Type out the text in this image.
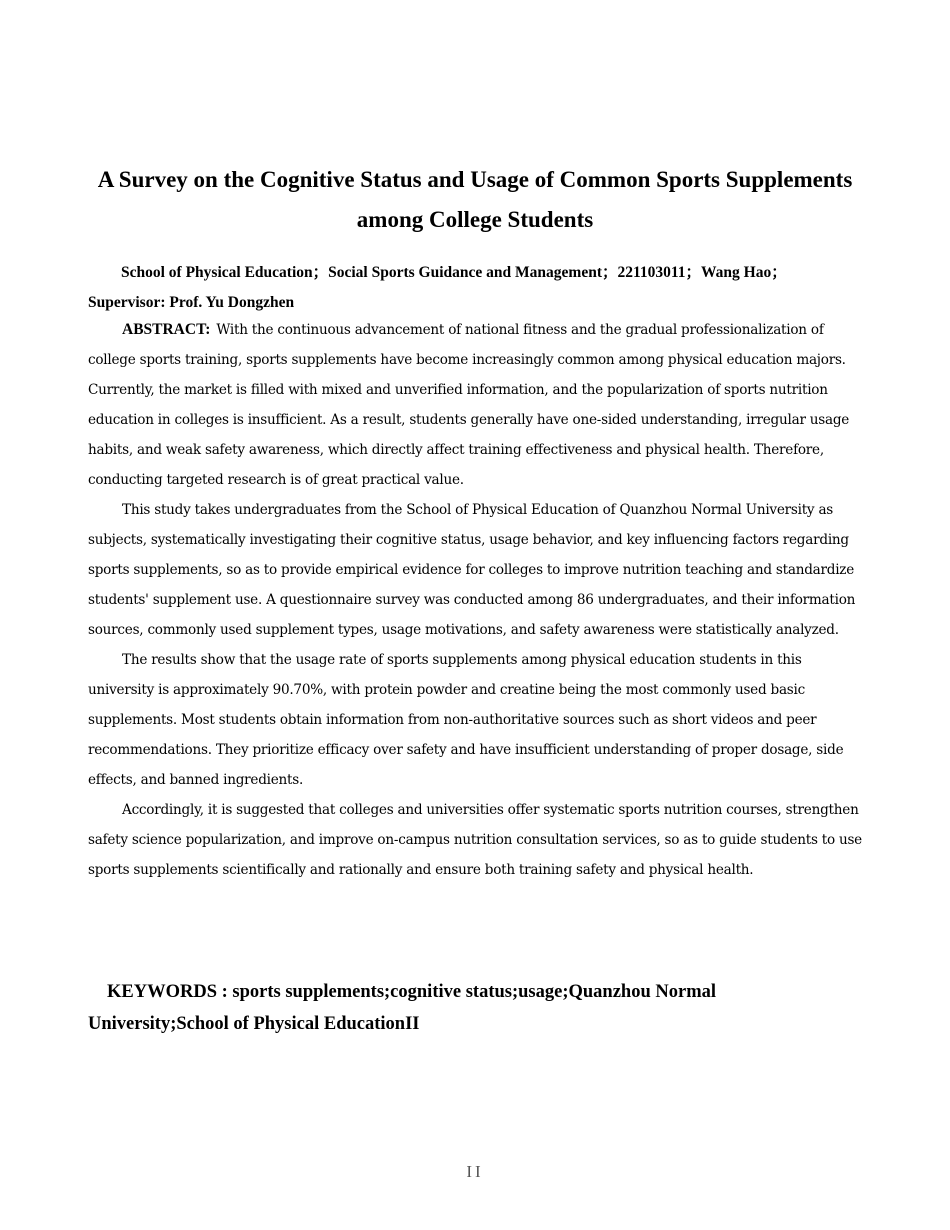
A Survey on the Cognitive Status and Usage of Common Sports Supplements
among College Students
School of Physical Education；Social Sports Guidance and Management；221103011；Wang Hao；
Supervisor: Prof. Yu Dongzhen

ABSTRACT: With the continuous advancement of national fitness and the gradual professionalization of college sports training, sports supplements have become increasingly common among physical education majors. Currently, the market is filled with mixed and unverified information, and the popularization of sports nutrition education in colleges is insufficient. As a result, students generally have one-sided understanding, irregular usage habits, and weak safety awareness, which directly affect training effectiveness and physical health. Therefore, conducting targeted research is of great practical value.

This study takes undergraduates from the School of Physical Education of Quanzhou Normal University as subjects, systematically investigating their cognitive status, usage behavior, and key influencing factors regarding sports supplements, so as to provide empirical evidence for colleges to improve nutrition teaching and standardize students' supplement use. A questionnaire survey was conducted among 86 undergraduates, and their information sources, commonly used supplement types, usage motivations, and safety awareness were statistically analyzed.

The results show that the usage rate of sports supplements among physical education students in this university is approximately 90.70%, with protein powder and creatine being the most commonly used basic supplements. Most students obtain information from non-authoritative sources such as short videos and peer recommendations. They prioritize efficacy over safety and have insufficient understanding of proper dosage, side effects, and banned ingredients.

Accordingly, it is suggested that colleges and universities offer systematic sports nutrition courses, strengthen safety science popularization, and improve on-campus nutrition consultation services, so as to guide students to use sports supplements scientifically and rationally and ensure both training safety and physical health.

KEYWORDS : sports supplements;cognitive status;usage;Quanzhou Normal University;School of Physical EducationII

II
